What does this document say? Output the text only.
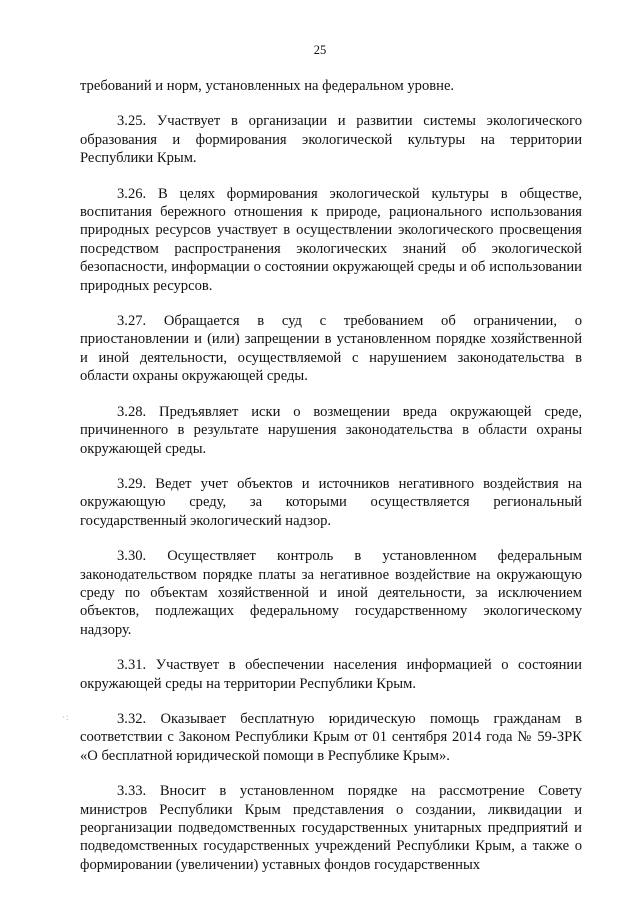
25

требований и норм, установленных на федеральном уровне.

3.25. Участвует в организации и развитии системы экологического образования и формирования экологической культуры на территории Республики Крым.

3.26. В целях формирования экологической культуры в обществе, воспитания бережного отношения к природе, рационального использования природных ресурсов участвует в осуществлении экологического просвещения посредством распространения экологических знаний об экологической безопасности, информации о состоянии окружающей среды и об использовании природных ресурсов.

3.27. Обращается в суд с требованием об ограничении, о приостановлении и (или) запрещении в установленном порядке хозяйственной и иной деятельности, осуществляемой с нарушением законодательства в области охраны окружающей среды.

3.28. Предъявляет иски о возмещении вреда окружающей среде, причиненного в результате нарушения законодательства в области охраны окружающей среды.

3.29. Ведет учет объектов и источников негативного воздействия на окружающую среду, за которыми осуществляется региональный государственный экологический надзор.

3.30. Осуществляет контроль в установленном федеральным законодательством порядке платы за негативное воздействие на окружающую среду по объектам хозяйственной и иной деятельности, за исключением объектов, подлежащих федеральному государственному экологическому надзору.

3.31. Участвует в обеспечении населения информацией о состоянии окружающей среды на территории Республики Крым.

3.32. Оказывает бесплатную юридическую помощь гражданам в соответствии с Законом Республики Крым от 01 сентября 2014 года № 59-ЗРК «О бесплатной юридической помощи в Республике Крым».

3.33. Вносит в установленном порядке на рассмотрение Совету министров Республики Крым представления о создании, ликвидации и реорганизации подведомственных государственных унитарных предприятий и подведомственных государственных учреждений Республики Крым, а также о формировании (увеличении) уставных фондов государственных

·:
